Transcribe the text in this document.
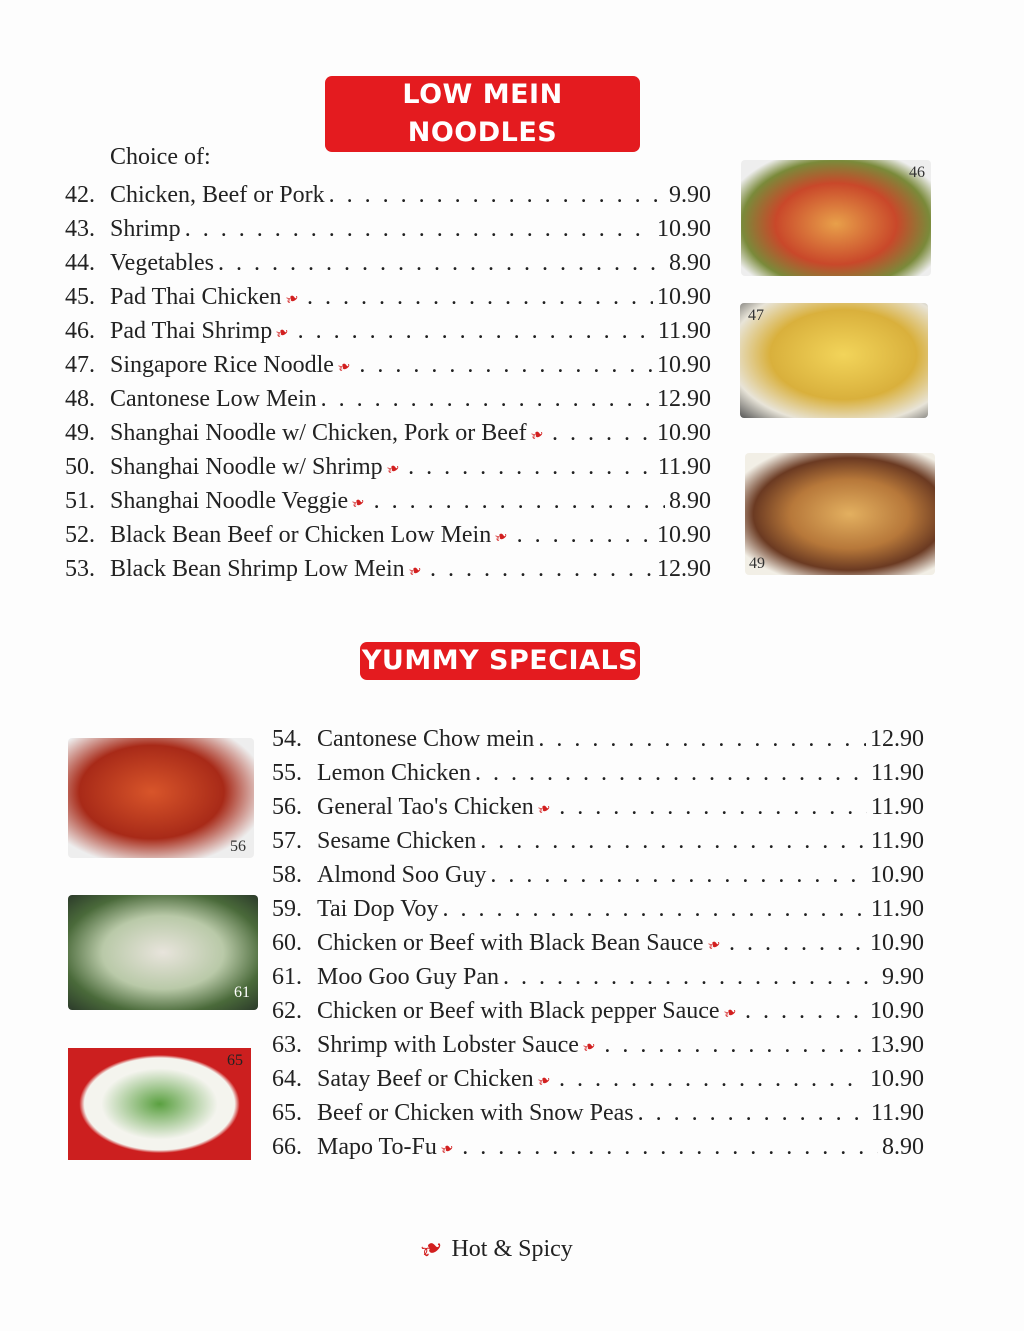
LOW MEIN NOODLES
Choice of:
42. Chicken, Beef or Pork . . .	9.90
43. Shrimp . . .	10.90
44. Vegetables . . .	8.90
45. Pad Thai Chicken ❧ . . .	10.90
46. Pad Thai Shrimp ❧ . . .	11.90
47. Singapore Rice Noodle ❧ . . .	10.90
48. Cantonese Low Mein . . .	12.90
49. Shanghai Noodle w/ Chicken, Pork or Beef ❧ . . .	10.90
50. Shanghai Noodle w/ Shrimp ❧ . . .	11.90
51. Shanghai Noodle Veggie ❧ . . .	8.90
52. Black Bean Beef or Chicken Low Mein ❧ . . .	10.90
53. Black Bean Shrimp Low Mein ❧ . . .	12.90
46
47
49
YUMMY SPECIALS
54. Cantonese Chow mein . . .	12.90
55. Lemon Chicken . . .	11.90
56. General Tao's Chicken ❧ . . .	11.90
57. Sesame Chicken . . .	11.90
58. Almond Soo Guy . . .	10.90
59. Tai Dop Voy . . .	11.90
60. Chicken or Beef with Black Bean Sauce ❧ . . .	10.90
61. Moo Goo Guy Pan . . .	9.90
62. Chicken or Beef with Black pepper Sauce ❧ . . .	10.90
63. Shrimp with Lobster Sauce ❧ . . .	13.90
64. Satay Beef or Chicken ❧ . . .	10.90
65. Beef or Chicken with Snow Peas . . .	11.90
66. Mapo To-Fu ❧ . . .	8.90
56
61
65
❧ Hot & Spicy
